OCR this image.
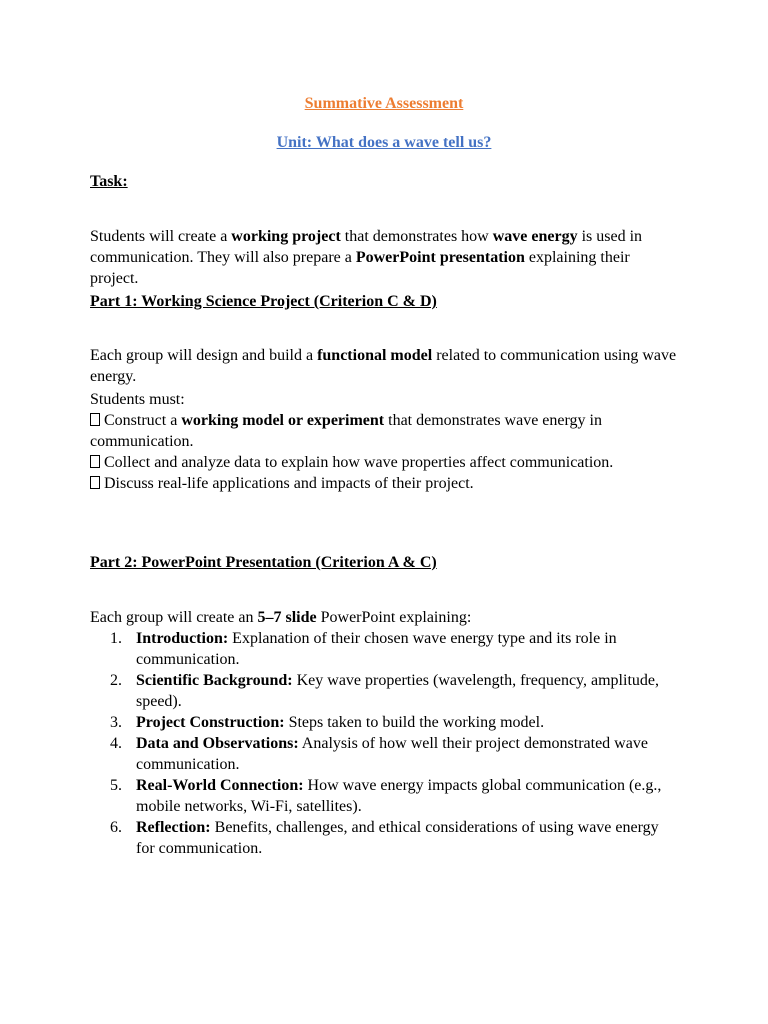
Summative Assessment
Unit: What does a wave tell us?
Task:

Students will create a working project that demonstrates how wave energy is used in communication. They will also prepare a PowerPoint presentation explaining their project.

Part 1: Working Science Project (Criterion C & D)

Each group will design and build a functional model related to communication using wave energy.

Students must:
Construct a working model or experiment that demonstrates wave energy in communication.
Collect and analyze data to explain how wave properties affect communication.
Discuss real-life applications and impacts of their project.
Part 2: PowerPoint Presentation (Criterion A & C)

Each group will create an 5–7 slide PowerPoint explaining:

1. Introduction: Explanation of their chosen wave energy type and its role in communication.
2. Scientific Background: Key wave properties (wavelength, frequency, amplitude, speed).
3. Project Construction: Steps taken to build the working model.
4. Data and Observations: Analysis of how well their project demonstrated wave communication.
5. Real-World Connection: How wave energy impacts global communication (e.g., mobile networks, Wi-Fi, satellites).
6. Reflection: Benefits, challenges, and ethical considerations of using wave energy for communication.
